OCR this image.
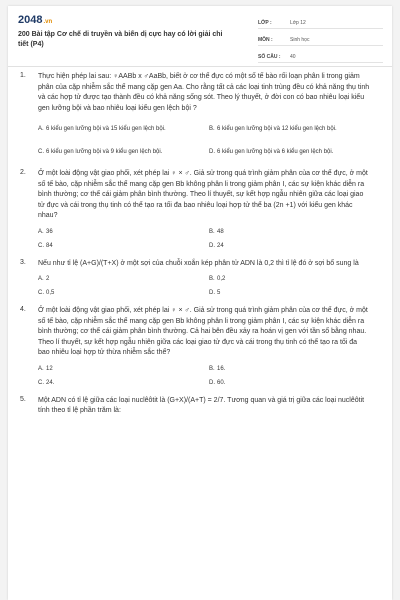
2048.vn
200 Bài tập Cơ chế di truyền và biến dị cực hay có lời giải chi tiết (P4)
LỚP :	Lớp 12
MÔN :	Sinh học
SỐ CÂU :	40
1. Thực hiện phép lai sau: ♀AABb x ♂AaBb, biết ở cơ thể đực có một số tế bào rối loạn phân li trong giảm phân của cặp nhiễm sắc thể mang cặp gen Aa. Cho rằng tất cả các loại tinh trùng đều có khả năng thụ tinh và các hợp tử được tạo thành đều có khả năng sống sót. Theo lý thuyết, ở đời con có bao nhiêu loại kiểu gen lưỡng bội và bao nhiêu loại kiểu gen lệch bội ?
A. 6 kiểu gen lưỡng bội và 15 kiểu gen lệch bội.	B. 6 kiểu gen lưỡng bội và 12 kiểu gen lệch bội.
C. 6 kiểu gen lưỡng bội và 9 kiểu gen lệch bội.	D. 6 kiểu gen lưỡng bội và 6 kiểu gen lệch bội.
2. Ở một loài động vật giao phối, xét phép lai ♀ × ♂. Giả sử trong quá trình giảm phân của cơ thể đực, ở một số tế bào, cặp nhiễm sắc thể mang cặp gen Bb không phân li trong giảm phân I, các sự kiện khác diễn ra bình thường; cơ thể cái giảm phân bình thường. Theo lí thuyết, sự kết hợp ngẫu nhiên giữa các loại giao tử đực và cái trong thụ tinh có thể tạo ra tối đa bao nhiêu loại hợp tử thể ba (2n +1) với kiểu gen khác nhau?
A. 36	B. 48
C. 84	D. 24
3. Nếu như tỉ lệ (A+G)/(T+X) ở một sợi của chuỗi xoắn kép phân tử ADN là 0,2 thì tỉ lệ đó ở sợi bổ sung là
A. 2	B. 0,2
C. 0,5	D. 5
4. Ở một loài động vật giao phối, xét phép lai ♀ × ♂. Giả sử trong quá trình giảm phân của cơ thể đực, ở một số tế bào, cặp nhiễm sắc thể mang cặp gen Bb không phân li trong giảm phân I, các sự kiện khác diễn ra bình thường; cơ thể cái giảm phân bình thường. Cả hai bên đều xảy ra hoán vị gen với tần số bằng nhau. Theo lí thuyết, sự kết hợp ngẫu nhiên giữa các loại giao tử đực và cái trong thụ tinh có thể tạo ra tối đa bao nhiêu loại hợp tử thừa nhiễm sắc thể?
A. 12	B. 16.
C. 24.	D. 60.
5. Một ADN có tỉ lệ giữa các loại nuclêôtit là (G+X)/(A+T) = 2/7. Tương quan và giá trị giữa các loại nuclêôtit tính theo tỉ lệ phần trăm là:
